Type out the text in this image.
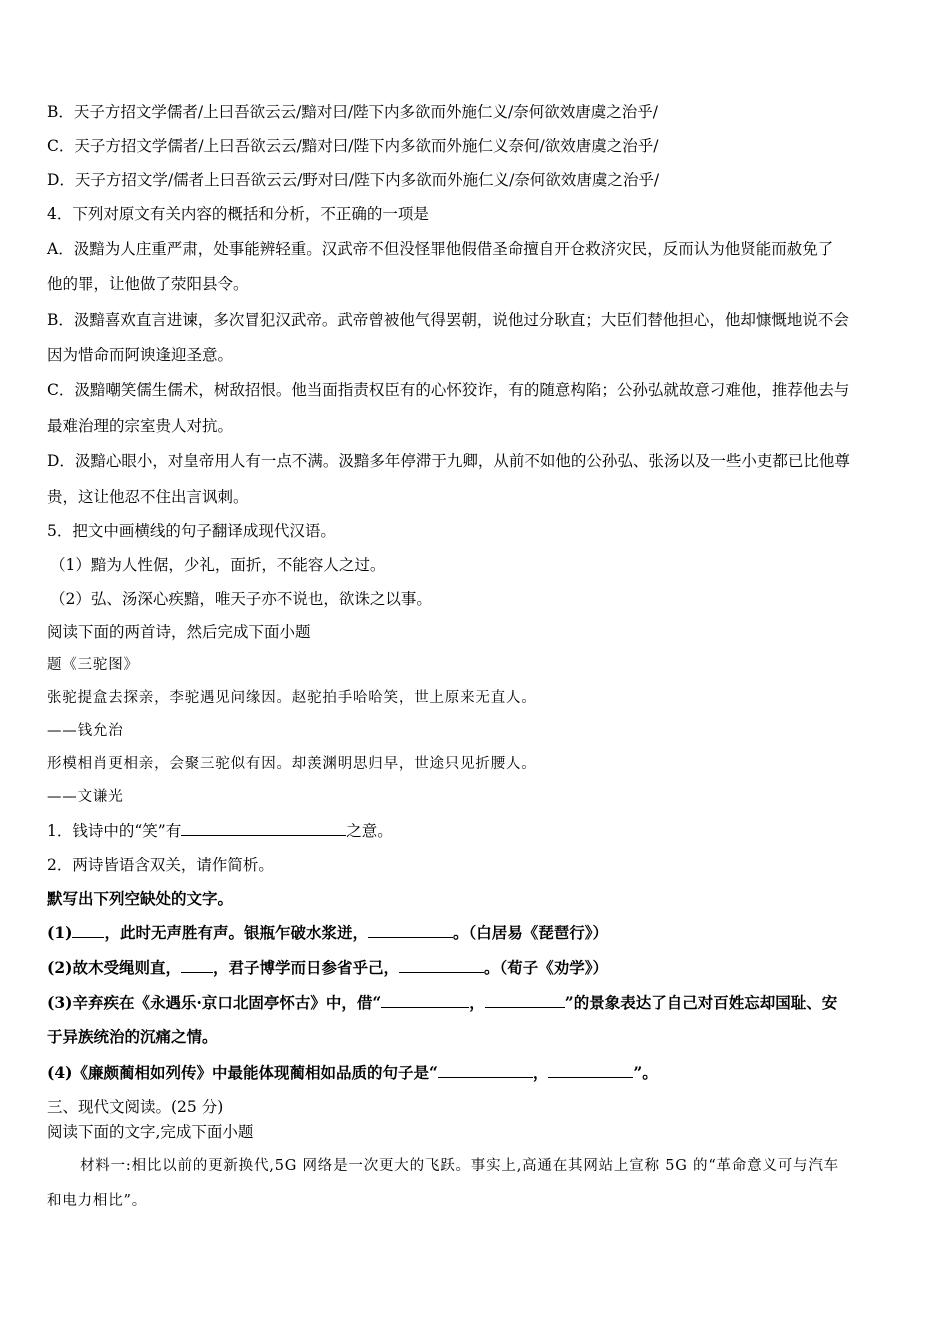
B．天子方招文学儒者/上曰吾欲云云/黯对曰/陛下内多欲而外施仁义/奈何欲效唐虞之治乎/
C．天子方招文学儒者/上曰吾欲云云/黯对曰/陛下内多欲而外施仁义奈何/欲效唐虞之治乎/
D．天子方招文学/儒者上曰吾欲云云/野对曰/陛下内多欲而外施仁义/奈何欲效唐虞之治乎/
4．下列对原文有关内容的概括和分析，不正确的一项是
A．汲黯为人庄重严肃，处事能辨轻重。汉武帝不但没怪罪他假借圣命擅自开仓救济灾民，反而认为他贤能而赦免了
他的罪，让他做了荥阳县令。
B．汲黯喜欢直言进谏，多次冒犯汉武帝。武帝曾被他气得罢朝，说他过分耿直；大臣们替他担心，他却慷慨地说不会
因为惜命而阿谀逢迎圣意。
C．汲黯嘲笑儒生儒术，树敌招恨。他当面指责权臣有的心怀狡诈，有的随意构陷；公孙弘就故意刁难他，推荐他去与
最难治理的宗室贵人对抗。
D．汲黯心眼小，对皇帝用人有一点不满。汲黯多年停滞于九卿，从前不如他的公孙弘、张汤以及一些小吏都已比他尊
贵，这让他忍不住出言讽刺。
5．把文中画横线的句子翻译成现代汉语。
（1）黯为人性倨，少礼，面折，不能容人之过。
（2）弘、汤深心疾黯，唯天子亦不说也，欲诛之以事。
阅读下面的两首诗，然后完成下面小题
题《三驼图》
张驼提盒去探亲，李驼遇见问缘因。赵驼拍手哈哈笑，世上原来无直人。
——钱允治
形模相肖更相亲，会聚三驼似有因。却羡渊明思归早，世途只见折腰人。
——文谦光
1．钱诗中的“笑”有	之意。
2．两诗皆语含双关，请作简析。
默写出下列空缺处的文字。
(1) ，此时无声胜有声。银瓶乍破水浆迸，	。（白居易《琵琶行》）
(2)故木受绳则直， ，君子博学而日参省乎己，	。（荀子《劝学》）
(3)辛弃疾在《永遇乐·京口北固亭怀古》中，借“	，	”的景象表达了自己对百姓忘却国耻、安
于异族统治的沉痛之情。
(4)《廉颇蔺相如列传》中最能体现蔺相如品质的句子是“	，	”。
三、现代文阅读。(25 分)
阅读下面的文字,完成下面小题
材料一:相比以前的更新换代,5G 网络是一次更大的飞跃。事实上,高通在其网站上宣称 5G 的“革命意义可与汽车
和电力相比”。
